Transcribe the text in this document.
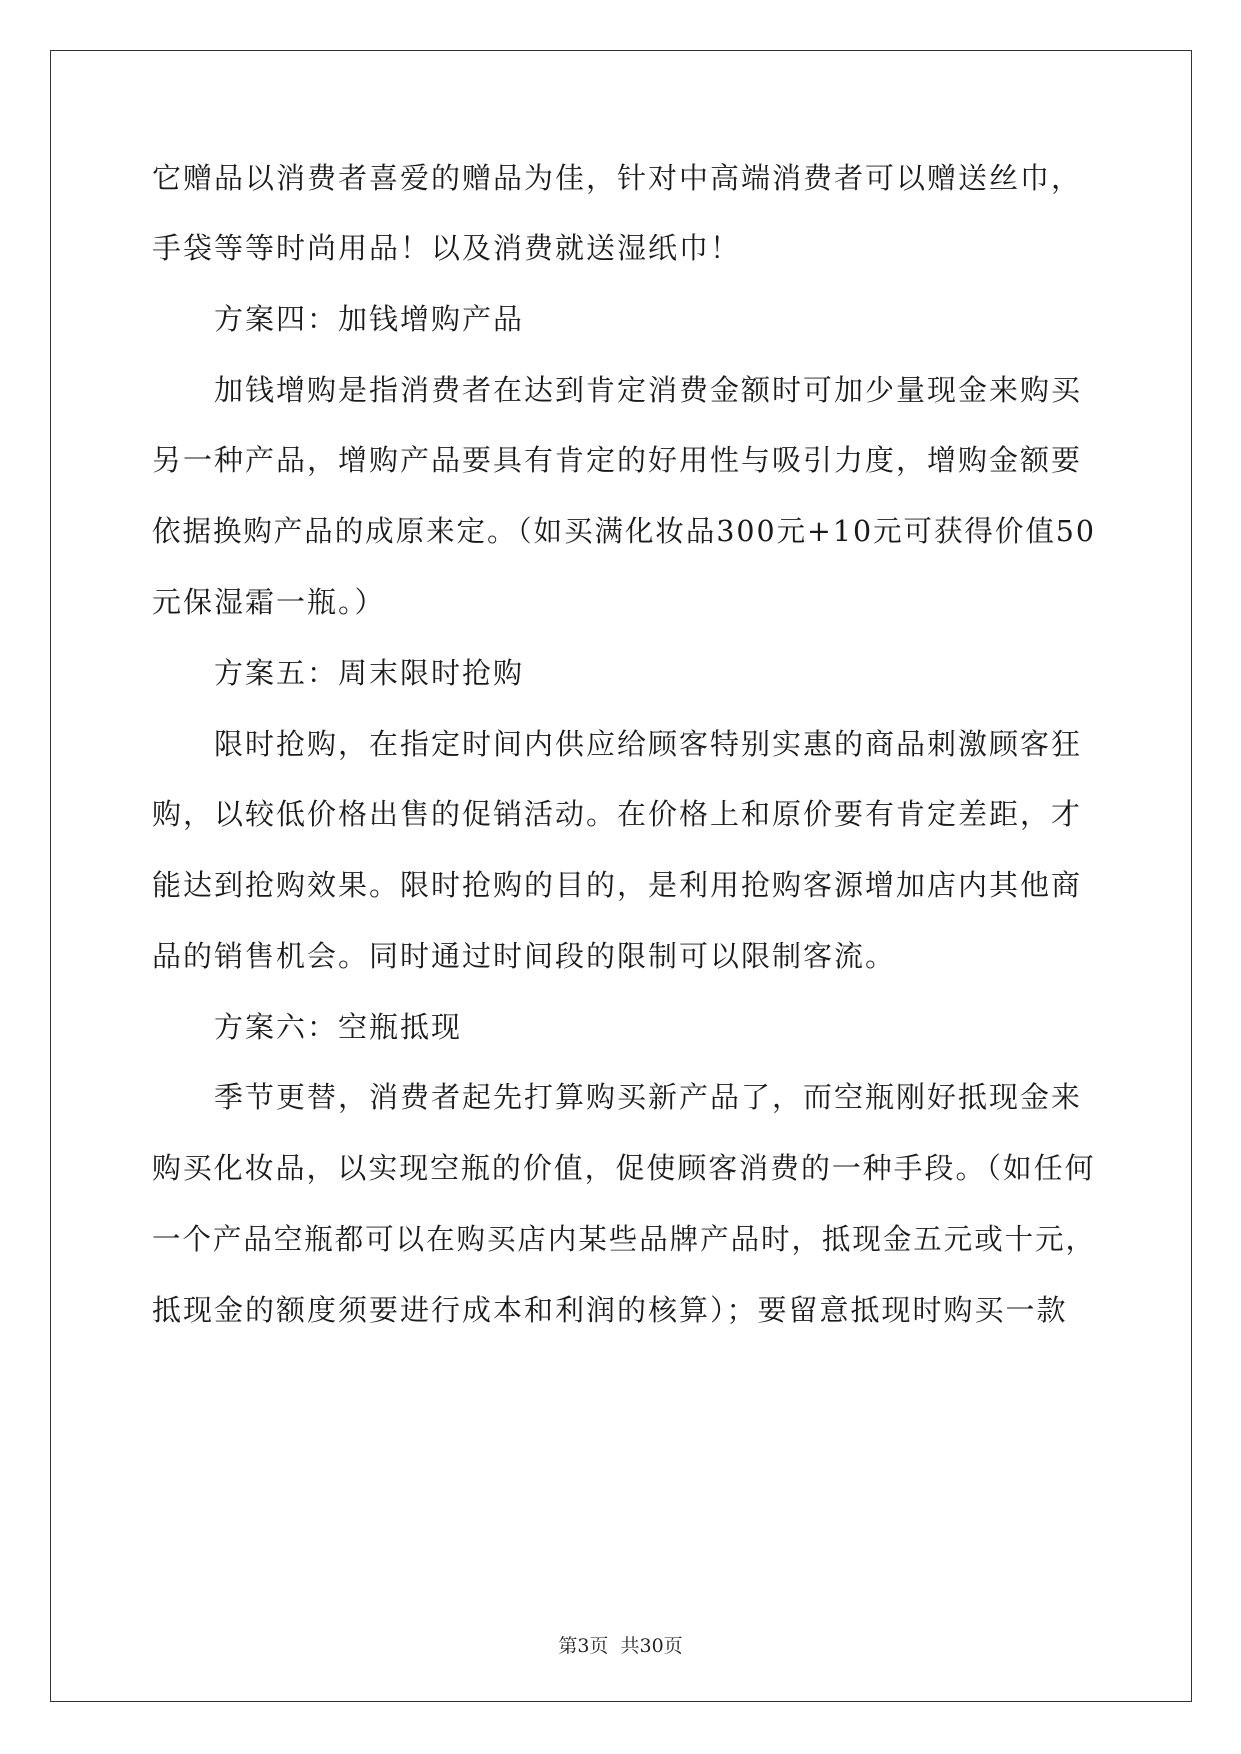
它赠品以消费者喜爱的赠品为佳，针对中高端消费者可以赠送丝巾，
手袋等等时尚用品！以及消费就送湿纸巾！
方案四：加钱增购产品
加钱增购是指消费者在达到肯定消费金额时可加少量现金来购买
另一种产品，增购产品要具有肯定的好用性与吸引力度，增购金额要
依据换购产品的成原来定。（如买满化妆品300元+10元可获得价值50
元保湿霜一瓶。）
方案五：周末限时抢购
限时抢购，在指定时间内供应给顾客特别实惠的商品刺激顾客狂
购，以较低价格出售的促销活动。在价格上和原价要有肯定差距，才
能达到抢购效果。限时抢购的目的，是利用抢购客源增加店内其他商
品的销售机会。同时通过时间段的限制可以限制客流。
方案六：空瓶抵现
季节更替，消费者起先打算购买新产品了，而空瓶刚好抵现金来
购买化妆品，以实现空瓶的价值，促使顾客消费的一种手段。（如任何
一个产品空瓶都可以在购买店内某些品牌产品时，抵现金五元或十元，
抵现金的额度须要进行成本和利润的核算）；要留意抵现时购买一款
第3页 共30页
